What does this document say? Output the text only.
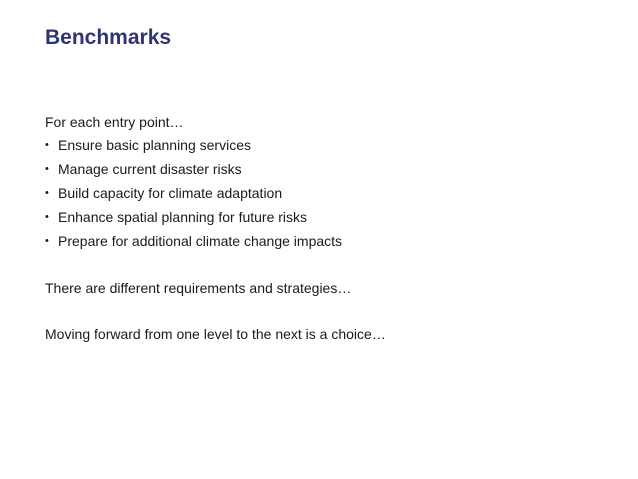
Benchmarks

For each entry point…

• Ensure basic planning services
• Manage current disaster risks
• Build capacity for climate adaptation
• Enhance spatial planning for future risks
• Prepare for additional climate change impacts

There are different requirements and strategies…

Moving forward from one level to the next is a choice…
